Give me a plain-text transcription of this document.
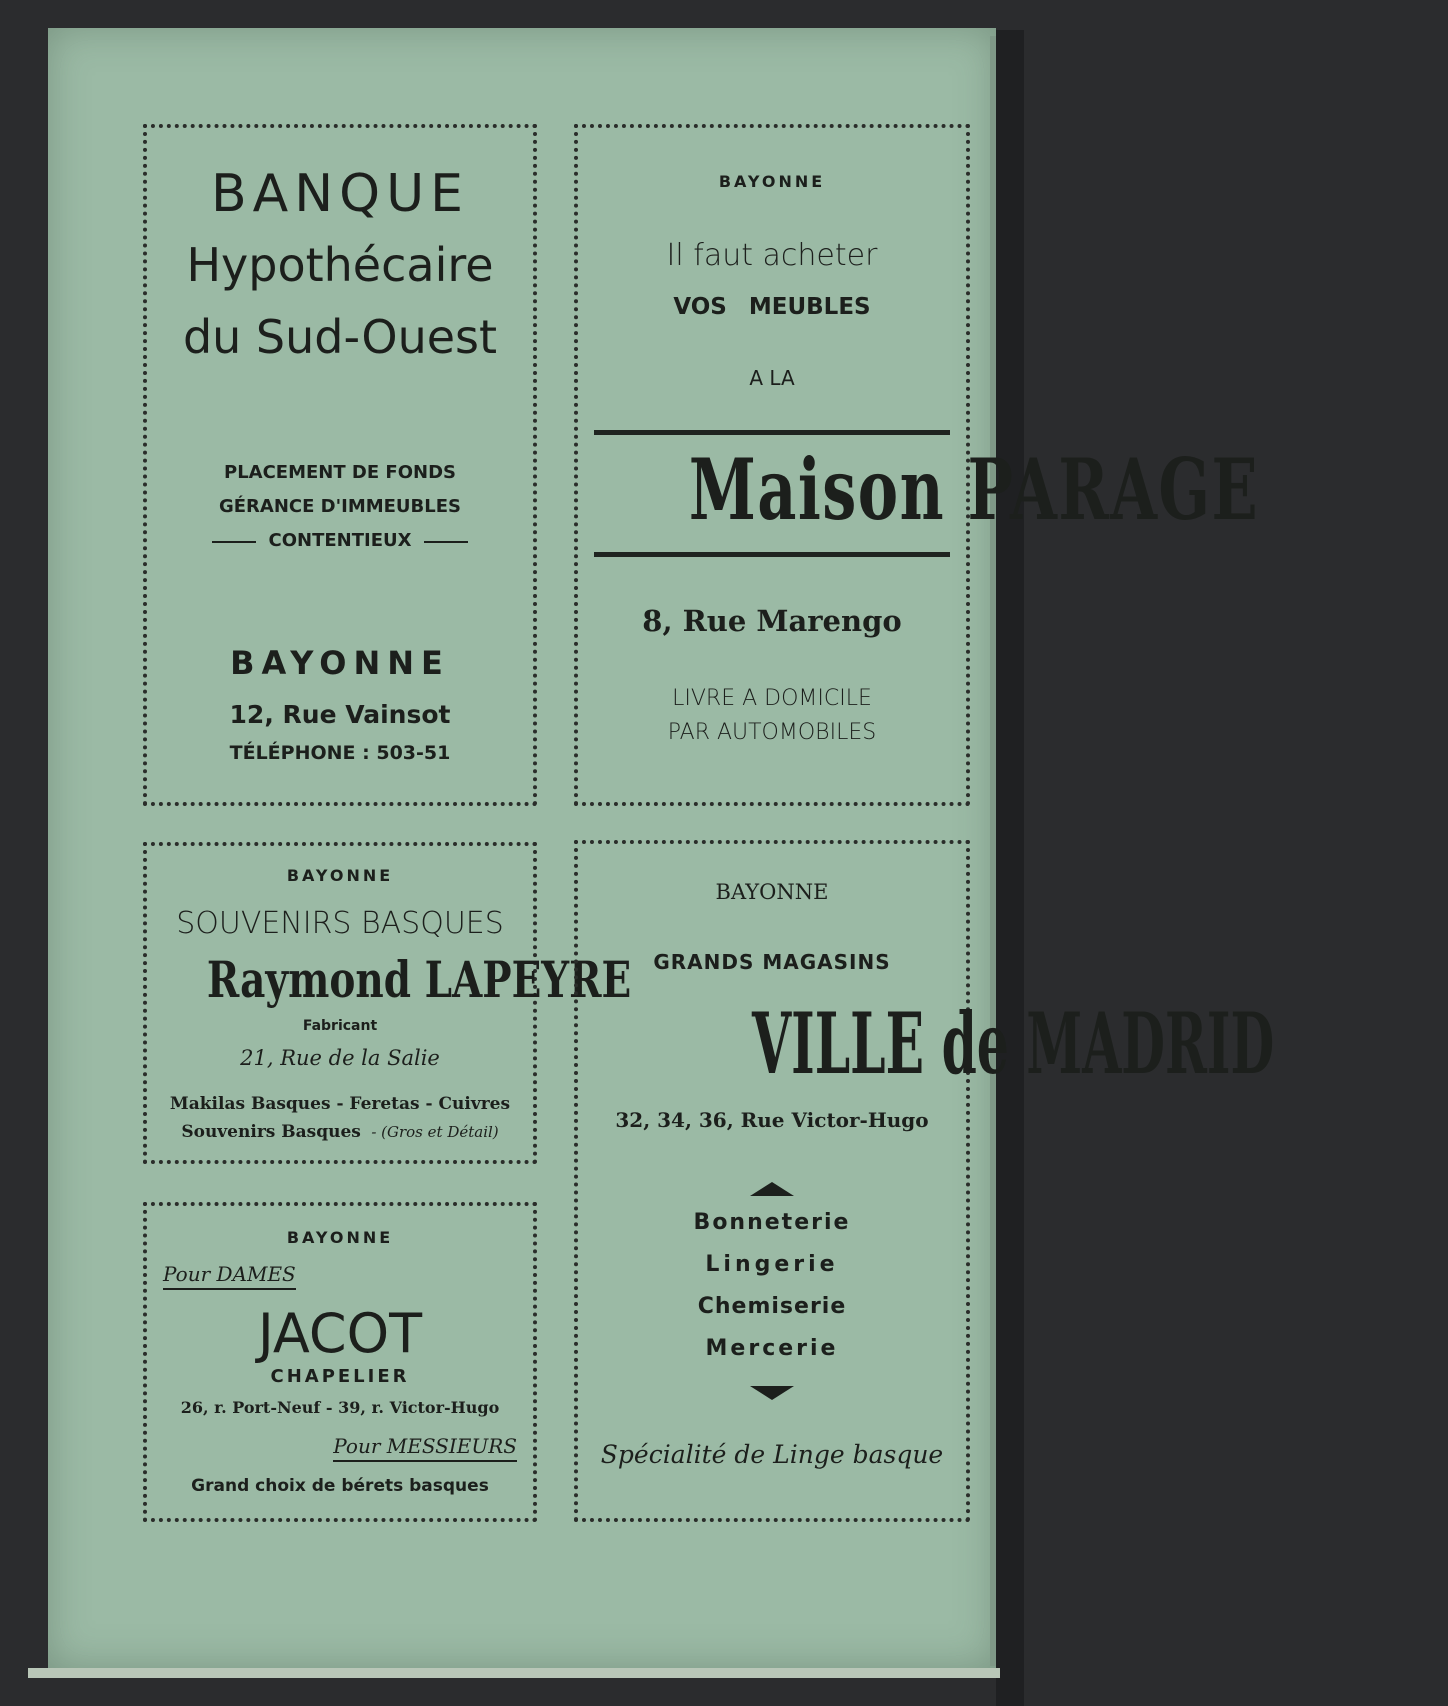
BANQUE
Hypothécaire
du Sud-Ouest
PLACEMENT DE FONDS
GÉRANCE D'IMMEUBLES
CONTENTIEUX
BAYONNE
12, Rue Vainsot
TÉLÉPHONE : 503-51
BAYONNE
Il faut acheter
VOS MEUBLES
A LA
Maison PARAGE
8, Rue Marengo
LIVRE A DOMICILE
PAR AUTOMOBILES
BAYONNE
SOUVENIRS BASQUES
Raymond LAPEYRE
Fabricant
21, Rue de la Salie
Makilas Basques - Feretas - Cuivres
Souvenirs Basques - (Gros et Détail)
BAYONNE
Pour DAMES
JACOT
CHAPELIER
26, r. Port-Neuf - 39, r. Victor-Hugo
Pour MESSIEURS
Grand choix de bérets basques
BAYONNE
GRANDS MAGASINS
VILLE de MADRID
32, 34, 36, Rue Victor-Hugo
Bonneterie
Lingerie
Chemiserie
Mercerie
Spécialité de Linge basque
